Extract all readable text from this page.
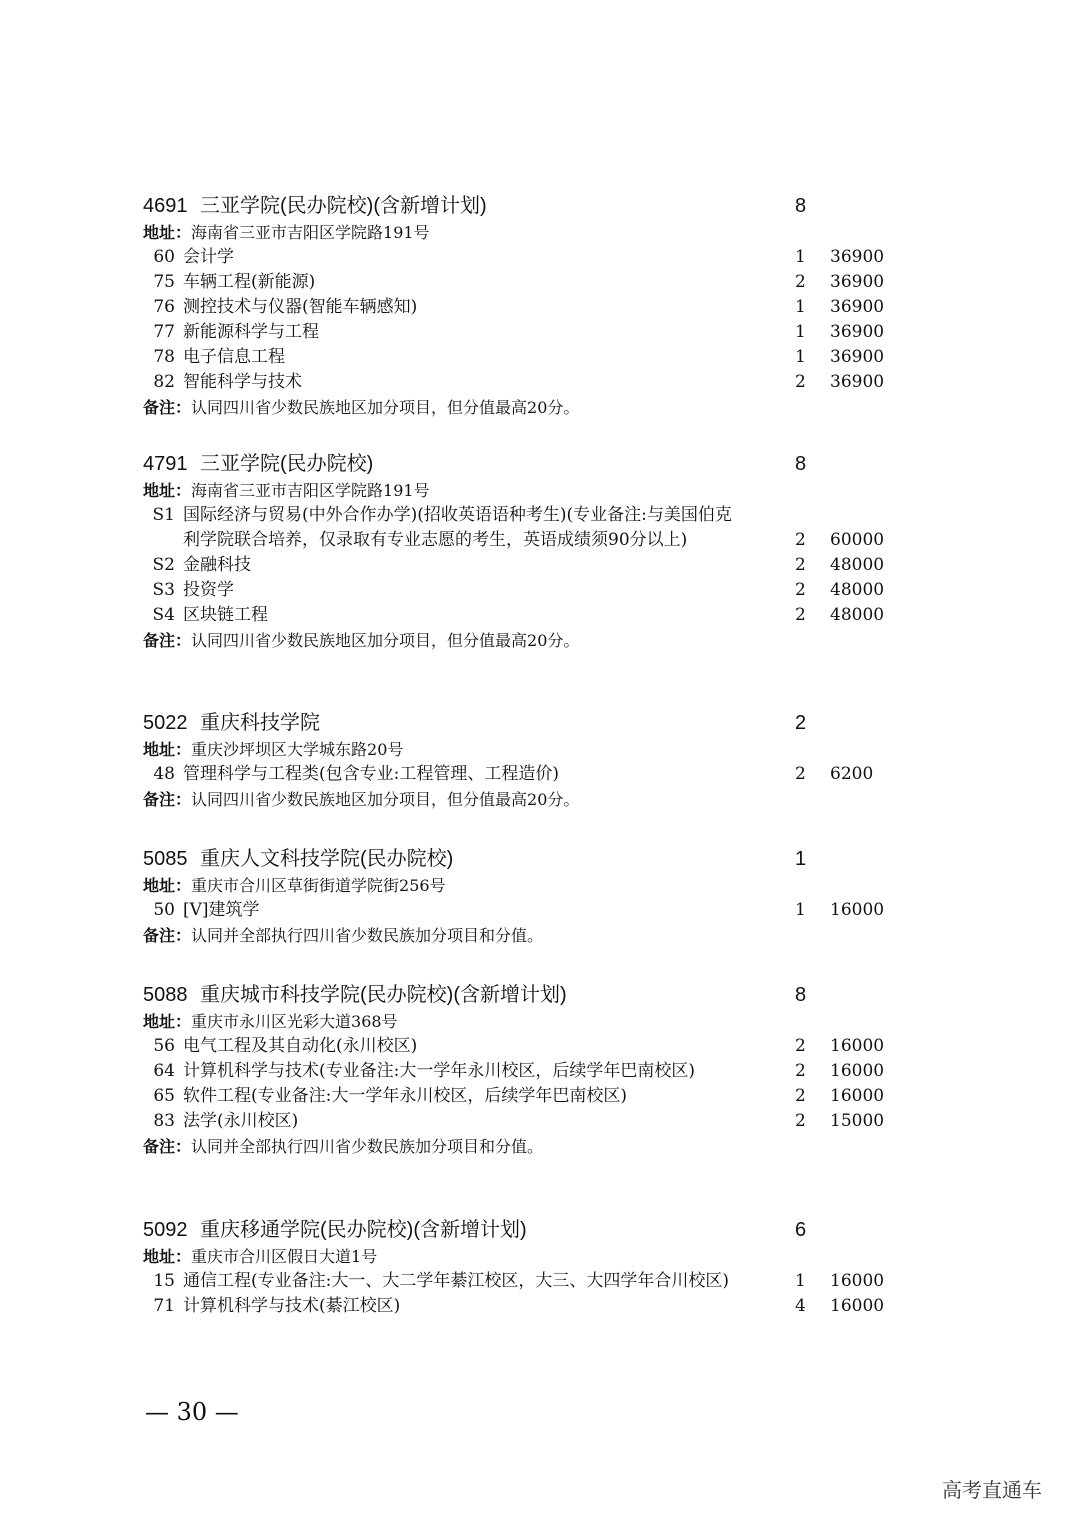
4691 三亚学院(民办院校)(含新增计划)	8
地址：海南省三亚市吉阳区学院路191号
60 会计学	1 36900
75 车辆工程(新能源)	2 36900
76 测控技术与仪器(智能车辆感知)	1 36900
77 新能源科学与工程	1 36900
78 电子信息工程	1 36900
82 智能科学与技术	2 36900
备注：认同四川省少数民族地区加分项目，但分值最高20分。
4791 三亚学院(民办院校)	8
地址：海南省三亚市吉阳区学院路191号
S1 国际经济与贸易(中外合作办学)(招收英语语种考生)(专业备注:与美国伯克利学院联合培养，仅录取有专业志愿的考生，英语成绩须90分以上)	2 60000
S2 金融科技	2 48000
S3 投资学	2 48000
S4 区块链工程	2 48000
备注：认同四川省少数民族地区加分项目，但分值最高20分。
5022 重庆科技学院	2
地址：重庆沙坪坝区大学城东路20号
48 管理科学与工程类(包含专业:工程管理、工程造价)	2 6200
备注：认同四川省少数民族地区加分项目，但分值最高20分。
5085 重庆人文科技学院(民办院校)	1
地址：重庆市合川区草街街道学院街256号
50 [V]建筑学	1 16000
备注：认同并全部执行四川省少数民族加分项目和分值。
5088 重庆城市科技学院(民办院校)(含新增计划)	8
地址：重庆市永川区光彩大道368号
56 电气工程及其自动化(永川校区)	2 16000
64 计算机科学与技术(专业备注:大一学年永川校区，后续学年巴南校区)	2 16000
65 软件工程(专业备注:大一学年永川校区，后续学年巴南校区)	2 16000
83 法学(永川校区)	2 15000
备注：认同并全部执行四川省少数民族加分项目和分值。
5092 重庆移通学院(民办院校)(含新增计划)	6
地址：重庆市合川区假日大道1号
15 通信工程(专业备注:大一、大二学年綦江校区，大三、大四学年合川校区)	1 16000
71 计算机科学与技术(綦江校区)	4 16000
— 30 —
高考直通车
